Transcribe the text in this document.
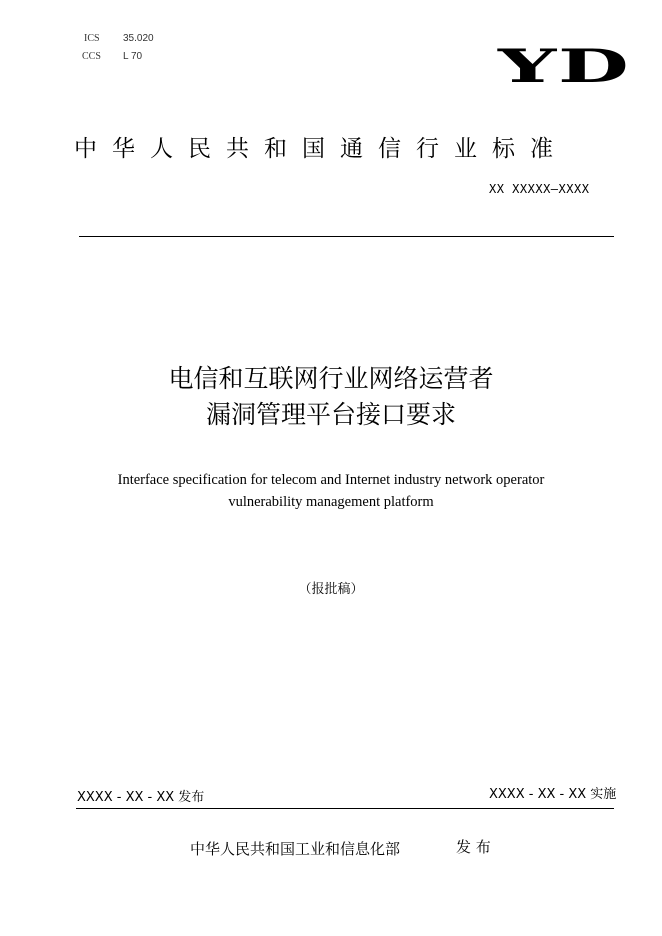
ICS 35.020
CCS L 70	YD
中华人民共和国通信行业标准
XX XXXXX—XXXX
电信和互联网行业网络运营者
漏洞管理平台接口要求
Interface specification for telecom and Internet industry network operator
vulnerability management platform
（报批稿）
XXXX - XX - XX 发布	XXXX - XX - XX 实施
中华人民共和国工业和信息化部	发 布
